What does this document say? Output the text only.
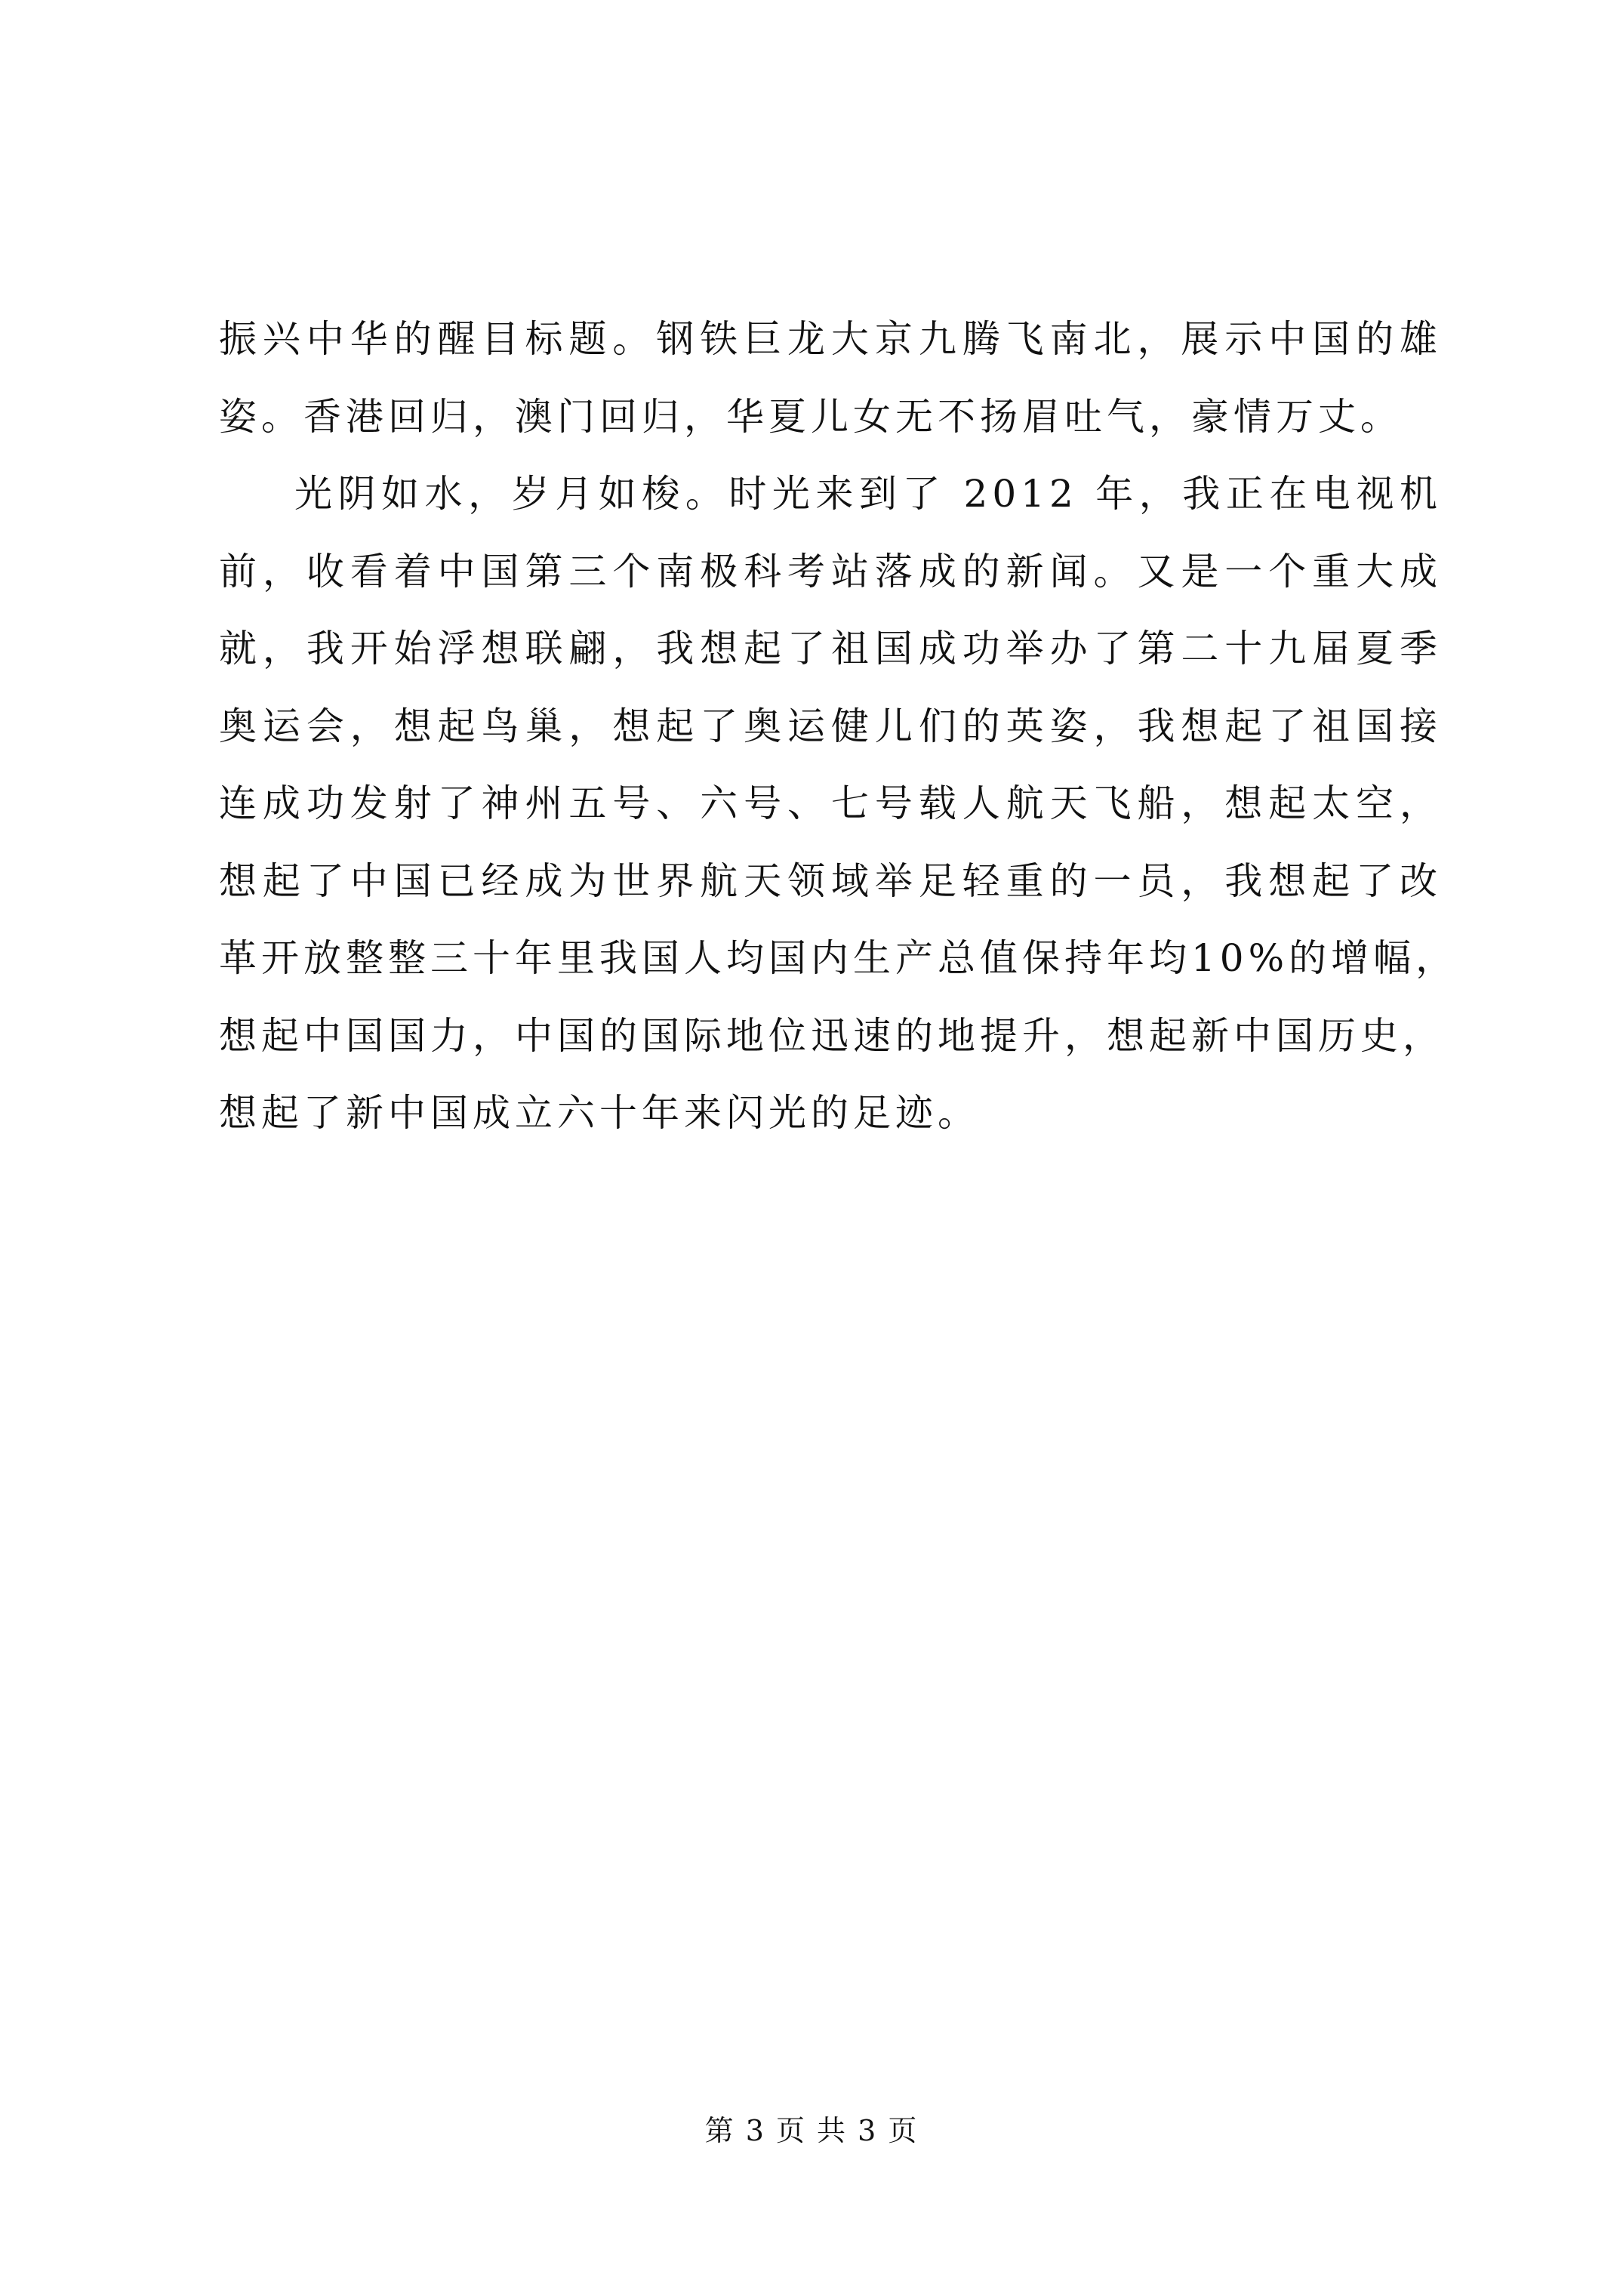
振兴中华的醒目标题。钢铁巨龙大京九腾飞南北，展示中国的雄
姿。香港回归，澳门回归，华夏儿女无不扬眉吐气，豪情万丈。
光阴如水，岁月如梭。时光来到了 2012 年，我正在电视机
前，收看着中国第三个南极科考站落成的新闻。又是一个重大成
就，我开始浮想联翩，我想起了祖国成功举办了第二十九届夏季
奥运会，想起鸟巢，想起了奥运健儿们的英姿，我想起了祖国接
连成功发射了神州五号、六号、七号载人航天飞船，想起太空，
想起了中国已经成为世界航天领域举足轻重的一员，我想起了改
革开放整整三十年里我国人均国内生产总值保持年均10%的增幅，
想起中国国力，中国的国际地位迅速的地提升，想起新中国历史，
想起了新中国成立六十年来闪光的足迹。
第 3 页 共 3 页
